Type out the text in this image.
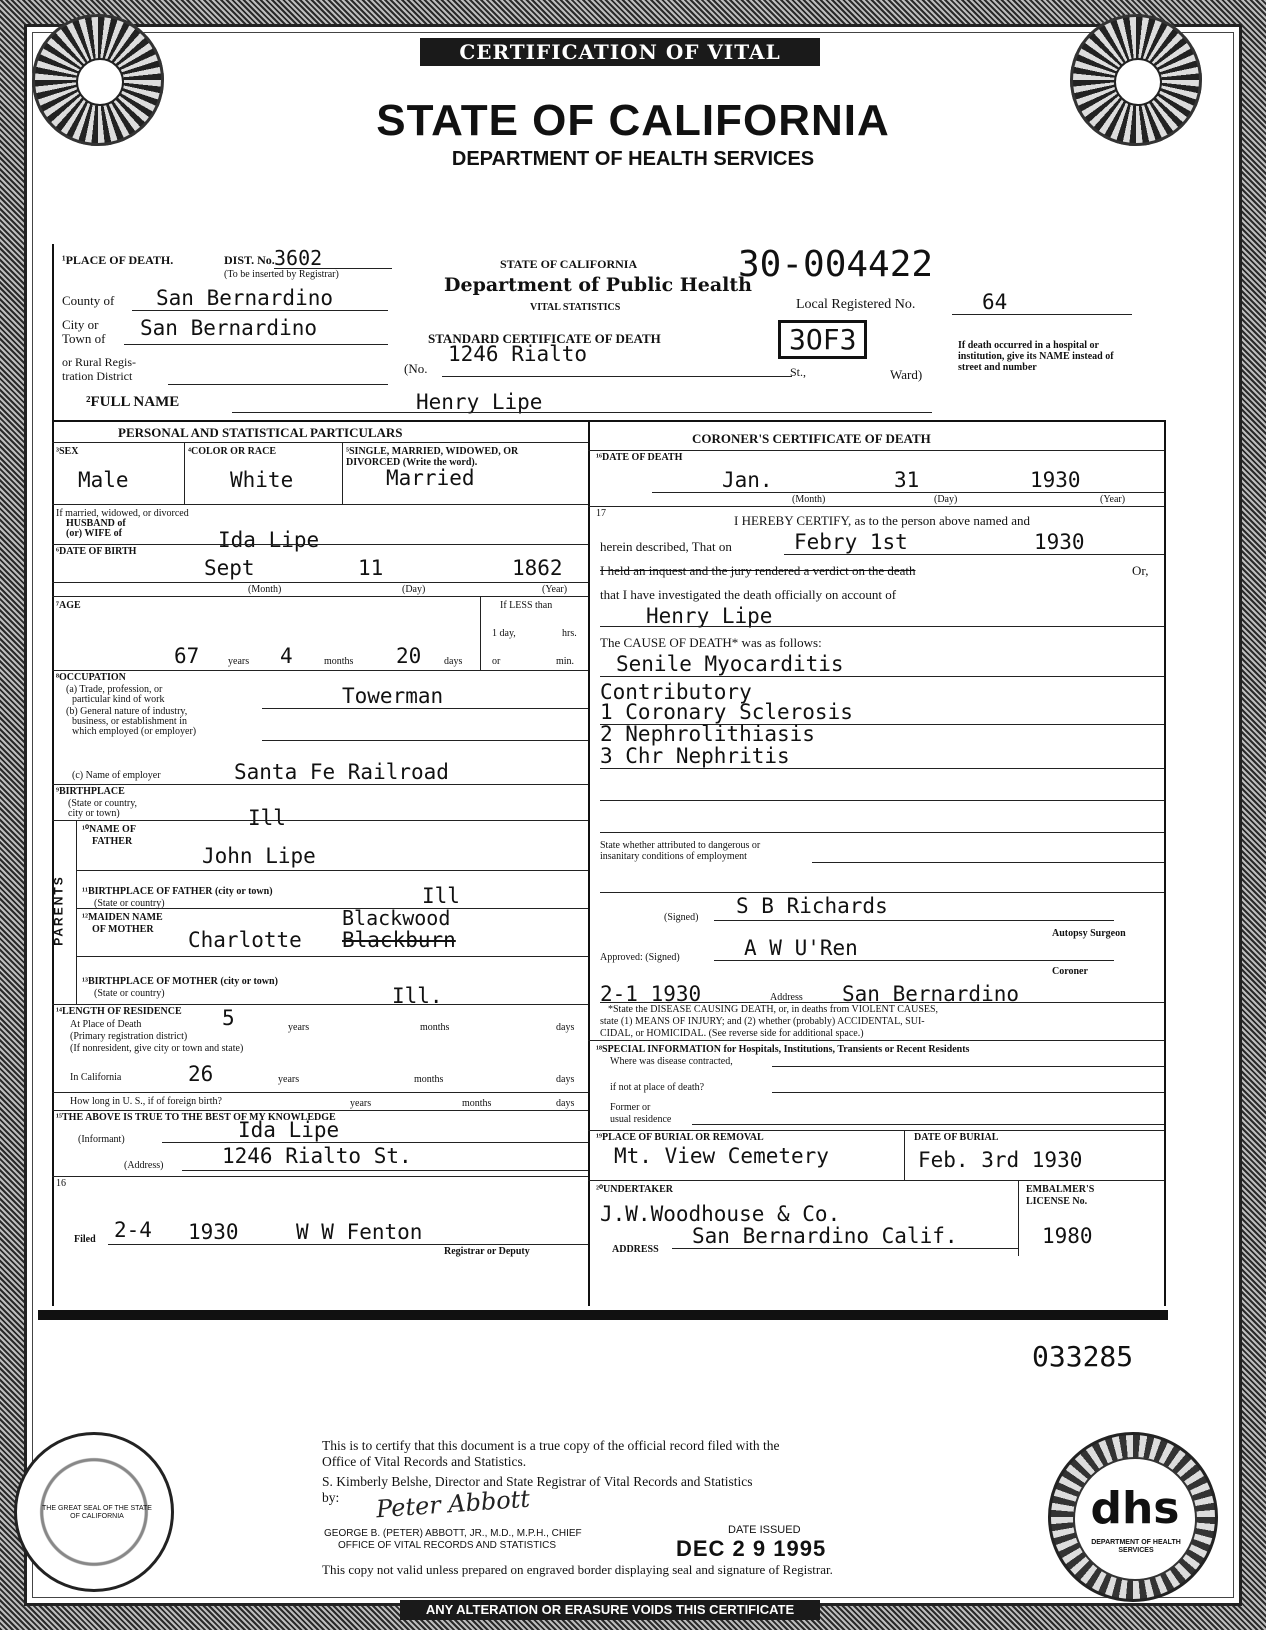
CERTIFICATION OF VITAL RECORD
STATE OF CALIFORNIA
DEPARTMENT OF HEALTH SERVICES
¹PLACE OF DEATH.	DIST. No. 3602
(To be inserted by Registrar)
County of San Bernardino
City or
Town of San Bernardino
or Rural Regis-
tration District
STATE OF CALIFORNIA
Department of Public Health
VITAL STATISTICS
30-004422
Local Registered No.	64
STANDARD CERTIFICATE OF DEATH	3OF3
(No.
1246 Rialto
St.,	Ward)
If death occurred in a hospital or institution, give its NAME instead of street and number
²FULL NAME	Henry Lipe
PERSONAL AND STATISTICAL PARTICULARS	CORONER'S CERTIFICATE OF DEATH
³SEX
Male
⁴COLOR OR RACE
White
⁵SINGLE, MARRIED, WIDOWED, OR DIVORCED (Write the word).
Married
If married, widowed, or divorced
HUSBAND of
(or) WIFE of	Ida Lipe
⁶DATE OF BIRTH
Sept	11	1862
(Month)	(Day)	(Year)
⁷AGE
67	years 4	months 20 days
If LESS than
1 day,	hrs.
or	min.
⁸OCCUPATION
(a) Trade, profession, or
particular kind of work
(b) General nature of industry,
business, or establishment in
which employed (or employer)
Towerman
(c) Name of employer	Santa Fe Railroad
⁹BIRTHPLACE
(State or country,
city or town)	Ill
PARENTS
¹⁰NAME OF
FATHER
John Lipe
¹¹BIRTHPLACE OF FATHER (city or town)
(State or country)	Ill
¹²MAIDEN NAME
OF MOTHER	Blackwood
Charlotte Blackburn
¹³BIRTHPLACE OF MOTHER (city or town)
(State or country)	Ill.
¹⁴LENGTH OF RESIDENCE
At Place of Death	5	years	months	days
(Primary registration district)
(If nonresident, give city or town and state)
In California	26	years	months	days
How long in U. S., if of foreign birth?	years	months	days
¹⁵THE ABOVE IS TRUE TO THE BEST OF MY KNOWLEDGE
(Informant)	Ida Lipe
(Address)	1246 Rialto St.
16
Filed 2-4 1930	W W Fenton
Registrar or Deputy
¹⁶DATE OF DEATH
Jan.	31	1930
(Month)	(Day)	(Year)
17	I HEREBY CERTIFY, as to the person above named and
herein described, That on	Febry 1st	1930
I held an inquest and the jury rendered a verdict on the death	Or,
that I have investigated the death officially on account of
Henry Lipe
The CAUSE OF DEATH* was as follows:
Senile Myocarditis
Contributory
1 Coronary Sclerosis
2 Nephrolithiasis
3 Chr Nephritis
State whether attributed to dangerous or
insanitary conditions of employment
(Signed) S B Richards
Autopsy Surgeon
Approved: (Signed)	A W U'Ren
Coroner
2-1 1930	Address San Bernardino
*State the DISEASE CAUSING DEATH, or, in deaths from VIOLENT CAUSES,
state (1) MEANS OF INJURY; and (2) whether (probably) ACCIDENTAL, SUI-
CIDAL, or HOMICIDAL. (See reverse side for additional space.)
¹⁸SPECIAL INFORMATION for Hospitals, Institutions, Transients or Recent Residents
Where was disease contracted,
if not at place of death?
Former or
usual residence
¹⁹PLACE OF BURIAL OR REMOVAL
Mt. View Cemetery
DATE OF BURIAL
Feb. 3rd 1930
²⁰UNDERTAKER
J.W.Woodhouse & Co.
ADDRESS
San Bernardino Calif.
EMBALMER'S
LICENSE No.
1980
033285
This is to certify that this document is a true copy of the official record filed with the
Office of Vital Records and Statistics.
S. Kimberly Belshe, Director and State Registrar of Vital Records and Statistics
by:	Peter Abbott
GEORGE B. (PETER) ABBOTT, JR., M.D., M.P.H., CHIEF
OFFICE OF VITAL RECORDS AND STATISTICS
DATE ISSUED
DEC 2 9 1995
This copy not valid unless prepared on engraved border displaying seal and signature of Registrar.
THE GREAT SEAL OF THE STATE OF CALIFORNIA	dhs
DEPARTMENT OF HEALTH SERVICES
ANY ALTERATION OR ERASURE VOIDS THIS CERTIFICATE
